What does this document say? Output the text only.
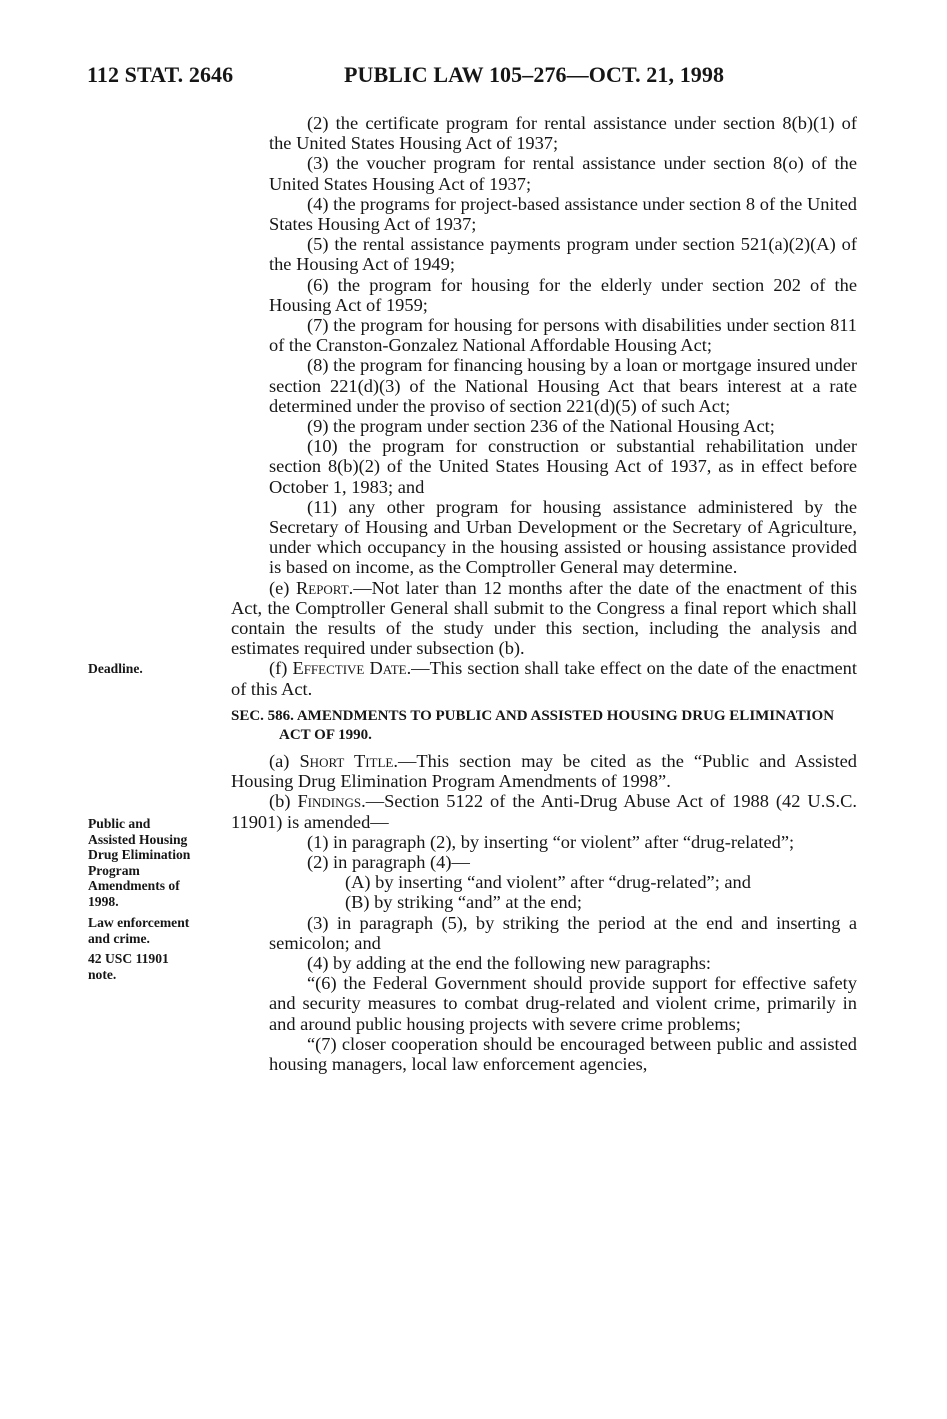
112 STAT. 2646	PUBLIC LAW 105–276—OCT. 21, 1998
Deadline.
Public and
Assisted Housing
Drug Elimination
Program
Amendments of
1998.
Law enforcement
and crime.
42 USC 11901
note.

(2) the certificate program for rental assistance under section 8(b)(1) of the United States Housing Act of 1937;

(3) the voucher program for rental assistance under section 8(o) of the United States Housing Act of 1937;

(4) the programs for project-based assistance under section 8 of the United States Housing Act of 1937;

(5) the rental assistance payments program under section 521(a)(2)(A) of the Housing Act of 1949;

(6) the program for housing for the elderly under section 202 of the Housing Act of 1959;

(7) the program for housing for persons with disabilities under section 811 of the Cranston-Gonzalez National Affordable Housing Act;

(8) the program for financing housing by a loan or mortgage insured under section 221(d)(3) of the National Housing Act that bears interest at a rate determined under the proviso of section 221(d)(5) of such Act;

(9) the program under section 236 of the National Housing Act;

(10) the program for construction or substantial rehabilitation under section 8(b)(2) of the United States Housing Act of 1937, as in effect before October 1, 1983; and

(11) any other program for housing assistance administered by the Secretary of Housing and Urban Development or the Secretary of Agriculture, under which occupancy in the housing assisted or housing assistance provided is based on income, as the Comptroller General may determine.

(e) Report.—Not later than 12 months after the date of the enactment of this Act, the Comptroller General shall submit to the Congress a final report which shall contain the results of the study under this section, including the analysis and estimates required under subsection (b).

(f) Effective Date.—This section shall take effect on the date of the enactment of this Act.

SEC. 586. AMENDMENTS TO PUBLIC AND ASSISTED HOUSING DRUG ELIMINATION ACT OF 1990.

(a) Short Title.—This section may be cited as the “Public and Assisted Housing Drug Elimination Program Amendments of 1998”.

(b) Findings.—Section 5122 of the Anti-Drug Abuse Act of 1988 (42 U.S.C. 11901) is amended—

(1) in paragraph (2), by inserting “or violent” after “drug-related”;

(2) in paragraph (4)—

(A) by inserting “and violent” after “drug-related”; and

(B) by striking “and” at the end;

(3) in paragraph (5), by striking the period at the end and inserting a semicolon; and

(4) by adding at the end the following new paragraphs:

“(6) the Federal Government should provide support for effective safety and security measures to combat drug-related and violent crime, primarily in and around public housing projects with severe crime problems;

“(7) closer cooperation should be encouraged between public and assisted housing managers, local law enforcement agencies,
